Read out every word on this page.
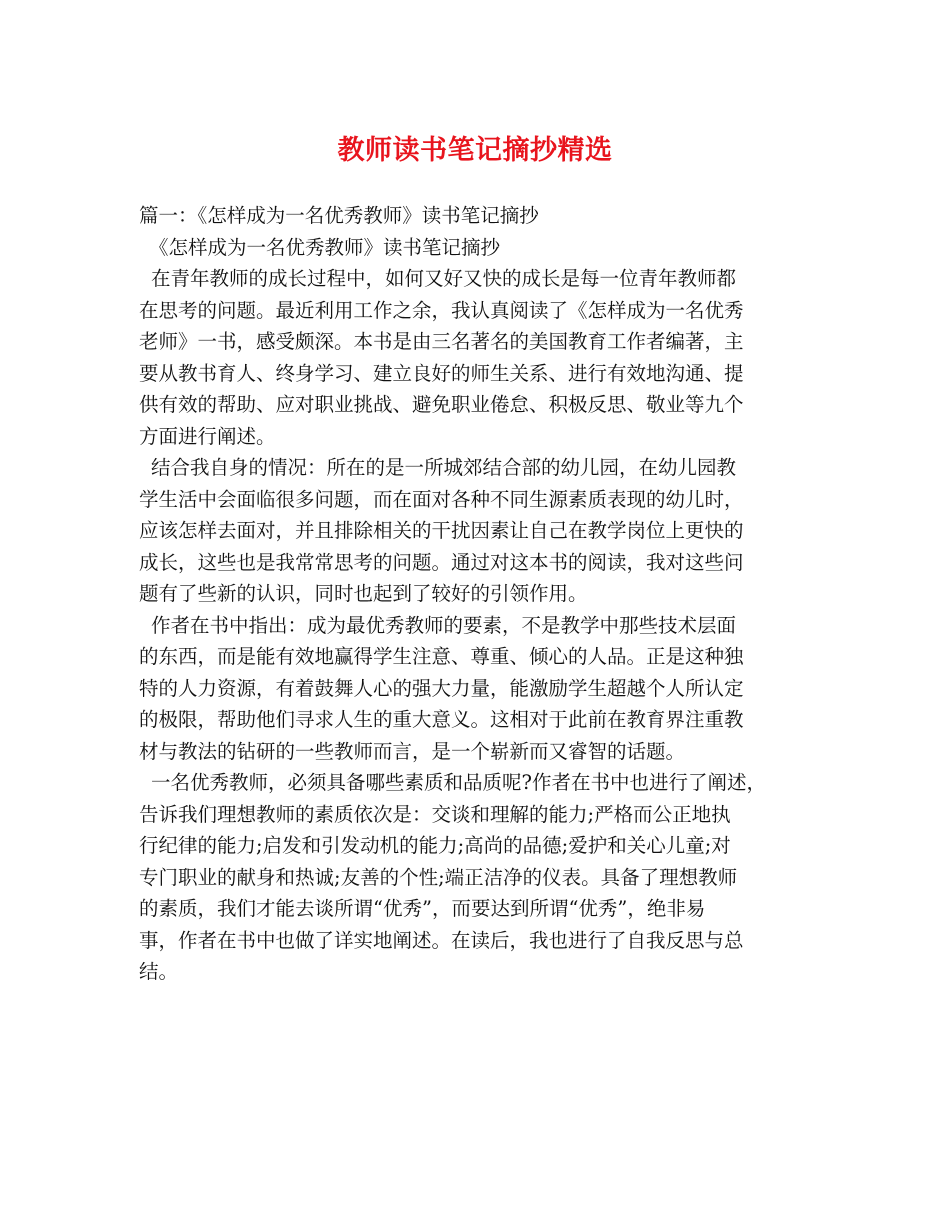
教师读书笔记摘抄精选
篇一：《怎样成为一名优秀教师》读书笔记摘抄
《怎样成为一名优秀教师》读书笔记摘抄
在青年教师的成长过程中，如何又好又快的成长是每一位青年教师都
在思考的问题。最近利用工作之余，我认真阅读了《怎样成为一名优秀
老师》一书，感受颇深。本书是由三名著名的美国教育工作者编著，主
要从教书育人、终身学习、建立良好的师生关系、进行有效地沟通、提
供有效的帮助、应对职业挑战、避免职业倦怠、积极反思、敬业等九个
方面进行阐述。
结合我自身的情况：所在的是一所城郊结合部的幼儿园，在幼儿园教
学生活中会面临很多问题，而在面对各种不同生源素质表现的幼儿时，
应该怎样去面对，并且排除相关的干扰因素让自己在教学岗位上更快的
成长，这些也是我常常思考的问题。通过对这本书的阅读，我对这些问
题有了些新的认识，同时也起到了较好的引领作用。
作者在书中指出：成为最优秀教师的要素，不是教学中那些技术层面
的东西，而是能有效地赢得学生注意、尊重、倾心的人品。正是这种独
特的人力资源，有着鼓舞人心的强大力量，能激励学生超越个人所认定
的极限，帮助他们寻求人生的重大意义。这相对于此前在教育界注重教
材与教法的钻研的一些教师而言，是一个崭新而又睿智的话题。
一名优秀教师，必须具备哪些素质和品质呢?作者在书中也进行了阐述，
告诉我们理想教师的素质依次是：交谈和理解的能力;严格而公正地执
行纪律的能力;启发和引发动机的能力;高尚的品德;爱护和关心儿童;对
专门职业的献身和热诚;友善的个性;端正洁净的仪表。具备了理想教师
的素质，我们才能去谈所谓“优秀”，而要达到所谓“优秀”，绝非易
事，作者在书中也做了详实地阐述。在读后，我也进行了自我反思与总
结。
